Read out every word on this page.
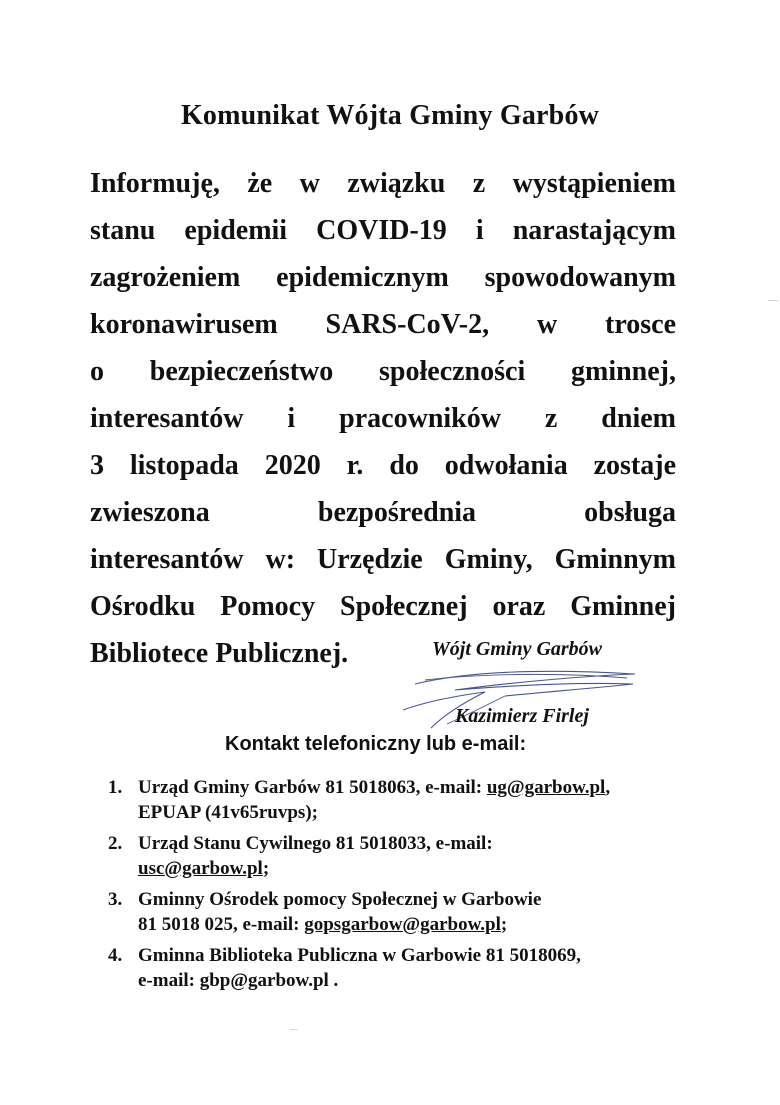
Komunikat Wójta Gminy Garbów
Informuję, że w związku z wystąpieniem
stanu epidemii COVID-19 i narastającym
zagrożeniem epidemicznym spowodowanym
koronawirusem SARS-CoV-2, w trosce
o bezpieczeństwo społeczności gminnej,
interesantów i pracowników z dniem
3 listopada 2020 r. do odwołania zostaje
zwieszona bezpośrednia obsługa
interesantów w: Urzędzie Gminy, Gminnym
Ośrodku Pomocy Społecznej oraz Gminnej
Bibliotece Publicznej.	Wójt Gminy Garbów
Kazimierz Firlej
Kontakt telefoniczny lub e-mail:
1. Urząd Gminy Garbów 81 5018063, e-mail: ug@garbow.pl,
EPUAP (41v65ruvps);
2. Urząd Stanu Cywilnego 81 5018033, e-mail:
usc@garbow.pl;
3. Gminny Ośrodek pomocy Społecznej w Garbowie
81 5018 025, e-mail: gopsgarbow@garbow.pl;
4. Gminna Biblioteka Publiczna w Garbowie 81 5018069,
e-mail: gbp@garbow.pl .
